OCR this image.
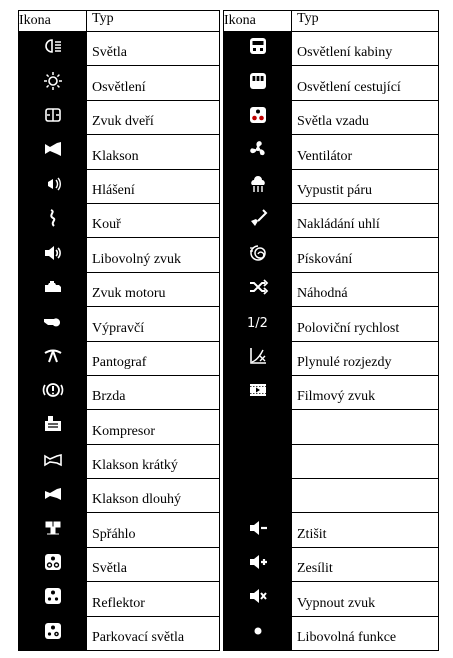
Ikona	Typ		Ikona	Typ

Světla			Osvětlení kabiny

Osvětlení			Osvětlení cestující

Zvuk dveří			Světla vzadu

Klakson			Ventilátor

Hlášení			Vypustit páru

Kouř			Nakládání uhlí

Libovolný zvuk			Pískování

Zvuk motoru			Náhodná

Výpravčí		1/2	Poloviční rychlost

Pantograf			Plynulé rozjezdy

Brzda			Filmový zvuk

Kompresor			

Klakson krátký			

Klakson dlouhý			

Spřáhlo			Ztišit

Světla			Zesílit

Reflektor			Vypnout zvuk

Parkovací světla			Libovolná funkce
